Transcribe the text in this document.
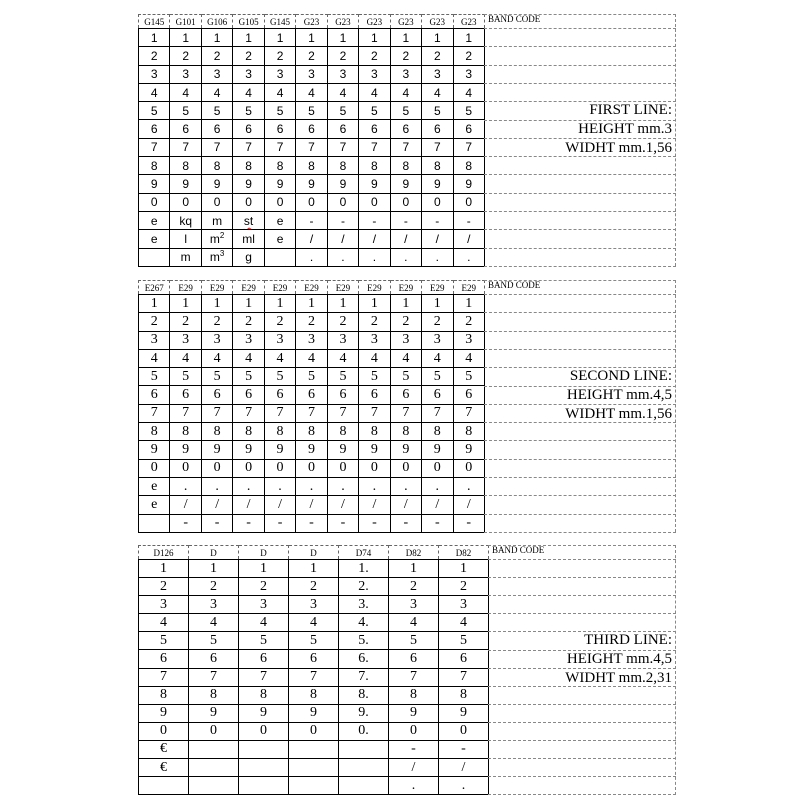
G145	G101	G106	G105	G145	G23	G23	G23	G23	G23	G23
1	1	1	1	1	1	1	1	1	1	1
2	2	2	2	2	2	2	2	2	2	2
3	3	3	3	3	3	3	3	3	3	3
4	4	4	4	4	4	4	4	4	4	4
5	5	5	5	5	5	5	5	5	5	5
6	6	6	6	6	6	6	6	6	6	6
7	7	7	7	7	7	7	7	7	7	7
8	8	8	8	8	8	8	8	8	8	8
9	9	9	9	9	9	9	9	9	9	9
0	0	0	0	0	0	0	0	0	0	0
e	kq	m	st	e	-	-	-	-	-	-
e	l	$m^2$	ml	e	/	/	/	/	/	/
	m	$m^3$	g		.	.	.	.	.	.
BAND CODE
FIRST LINE:
HEIGHT mm.3
WIDHT mm.1,56
E267	E29	E29	E29	E29	E29	E29	E29	E29	E29	E29
1	1	1	1	1	1	1	1	1	1	1
2	2	2	2	2	2	2	2	2	2	2
3	3	3	3	3	3	3	3	3	3	3
4	4	4	4	4	4	4	4	4	4	4
5	5	5	5	5	5	5	5	5	5	5
6	6	6	6	6	6	6	6	6	6	6
7	7	7	7	7	7	7	7	7	7	7
8	8	8	8	8	8	8	8	8	8	8
9	9	9	9	9	9	9	9	9	9	9
0	0	0	0	0	0	0	0	0	0	0
e	.	.	.	.	.	.	.	.	.	.
e	/	/	/	/	/	/	/	/	/	/
	-	-	-	-	-	-	-	-	-	-
BAND CODE
SECOND LINE:
HEIGHT mm.4,5
WIDHT mm.1,56
D126	D	D	D	D74	D82	D82
1	1	1	1	1.	1	1
2	2	2	2	2.	2	2
3	3	3	3	3.	3	3
4	4	4	4	4.	4	4
5	5	5	5	5.	5	5
6	6	6	6	6.	6	6
7	7	7	7	7.	7	7
8	8	8	8	8.	8	8
9	9	9	9	9.	9	9
0	0	0	0	0.	0	0
€					-	-
€					/	/
					.	.
BAND CODE
THIRD LINE:
HEIGHT mm.4,5
WIDHT mm.2,31
